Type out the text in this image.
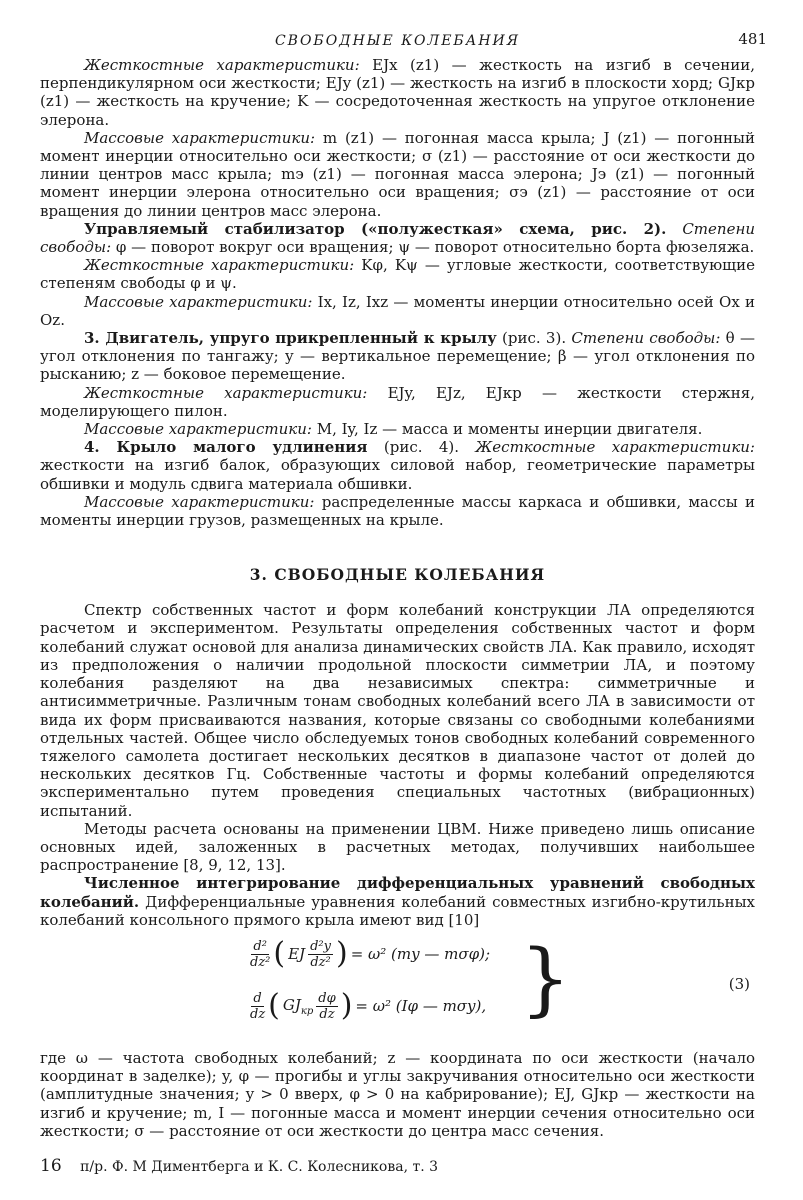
СВОБОДНЫЕ КОЛЕБАНИЯ	481

Жесткостные характеристики: EJx (z1) — жесткость на изгиб в сечении, перпендикулярном оси жесткости; EJy (z1) — жесткость на изгиб в плоскости хорд; GJкр (z1) — жесткость на кручение; K — сосредоточенная жесткость на упругое отклонение элерона.

Массовые характеристики: m (z1) — погонная масса крыла; J (z1) — погонный момент инерции относительно оси жесткости; σ (z1) — расстояние от оси жесткости до линии центров масс крыла; mэ (z1) — погонная масса элерона; Jэ (z1) — погонный момент инерции элерона относительно оси вращения; σэ (z1) — расстояние от оси вращения до линии центров масс элерона.

Управляемый стабилизатор («полужесткая» схема, рис. 2). Степени свободы: φ — поворот вокруг оси вращения; ψ — поворот относительно борта фюзеляжа.

Жесткостные характеристики: Kφ, Kψ — угловые жесткости, соответствующие степеням свободы φ и ψ.

Массовые характеристики: Ix, Iz, Ixz — моменты инерции относительно осей Ox и Oz.

3. Двигатель, упруго прикрепленный к крылу (рис. 3). Степени свободы: θ — угол отклонения по тангажу; y — вертикальное перемещение; β — угол отклонения по рысканию; z — боковое перемещение.

Жесткостные характеристики: EJy, EJz, EJкр — жесткости стержня, моделирующего пилон.

Массовые характеристики: M, Iy, Iz — масса и моменты инерции двигателя.

4. Крыло малого удлинения (рис. 4). Жесткостные характеристики: жесткости на изгиб балок, образующих силовой набор, геометрические параметры обшивки и модуль сдвига материала обшивки.

Массовые характеристики: распределенные массы каркаса и обшивки, массы и моменты инерции грузов, размещенных на крыле.

3. СВОБОДНЫЕ КОЛЕБАНИЯ

Спектр собственных частот и форм колебаний конструкции ЛА определяются расчетом и экспериментом. Результаты определения собственных частот и форм колебаний служат основой для анализа динамических свойств ЛА. Как правило, исходят из предположения о наличии продольной плоскости симметрии ЛА, и поэтому колебания разделяют на два независимых спектра: симметричные и антисимметричные. Различным тонам свободных колебаний всего ЛА в зависимости от вида их форм присваиваются названия, которые связаны со свободными колебаниями отдельных частей. Общее число обследуемых тонов свободных колебаний современного тяжелого самолета достигает нескольких десятков в диапазоне частот от долей до нескольких десятков Гц. Собственные частоты и формы колебаний определяются экспериментально путем проведения специальных частотных (вибрационных) испытаний.

Методы расчета основаны на применении ЦВМ. Ниже приведено лишь описание основных идей, заложенных в расчетных методах, получивших наибольшее распространение [8, 9, 12, 13].

Численное интегрирование дифференциальных уравнений свободных колебаний. Дифференциальные уравнения колебаний совместных изгибно-крутильных колебаний консольного прямого крыла имеют вид [10]

$\frac{\text{d²}}{\text{dz²}}$ ( EJ $\frac{\text{d²y}}{\text{dz²}}$ ) = ω² (my — mσφ);
$\frac{d}{dz}$ ( $GJ_{кр} \frac{d\varphi}{dz}$ ) = ω² (Iφ — mσy), }	(3)

где ω — частота свободных колебаний; z — координата по оси жесткости (начало координат в заделке); y, φ — прогибы и углы закручивания относительно оси жесткости (амплитудные значения; y > 0 вверх, φ > 0 на кабрирование); EJ, GJкр — жесткости на изгиб и кручение; m, I — погонные масса и момент инерции сечения относительно оси жесткости; σ — расстояние от оси жесткости до центра масс сечения.

16 п/р. Ф. М Диментберга и К. С. Колесникова, т. 3
